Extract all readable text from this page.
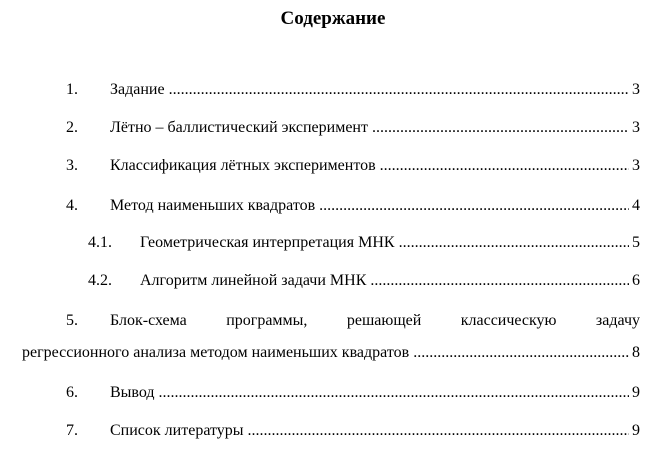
Содержание
1. Задание .....	3
2. Лётно – баллистический эксперимент .....	3
3. Классификация лётных экспериментов .....	3
4. Метод наименьших квадратов .....	4
4.1. Геометрическая интерпретация МНК .....	5
4.2. Алгоритм линейной задачи МНК .....	6
5. Блок-схема программы, решающей классическую задачу
регрессионного анализа методом наименьших квадратов .....	8
6. Вывод .....	9
7. Список литературы .....	9
